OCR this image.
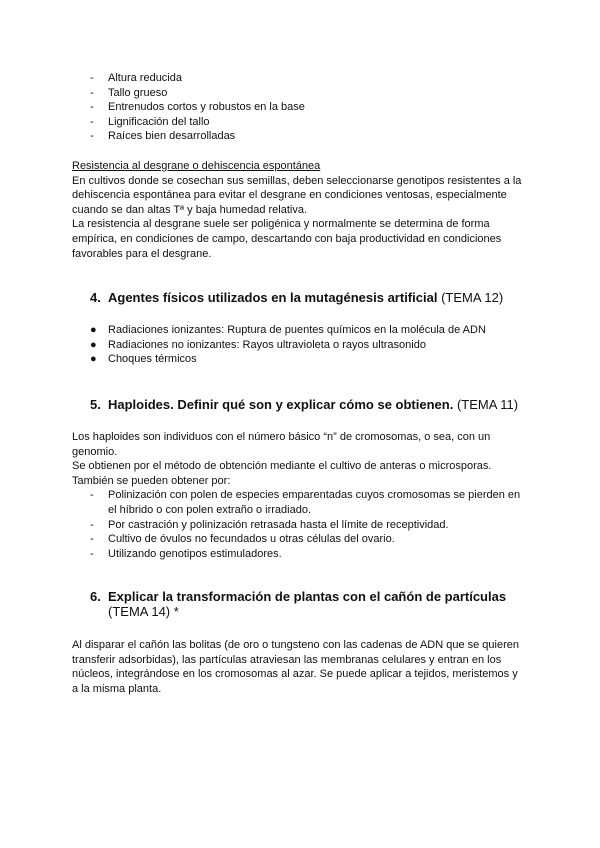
- Altura reducida
- Tallo grueso
- Entrenudos cortos y robustos en la base
- Lignificación del tallo
- Raíces bien desarrolladas
Resistencia al desgrane o dehiscencia espontánea
En cultivos donde se cosechan sus semillas, deben seleccionarse genotipos resistentes a la
dehiscencia espontánea para evitar el desgrane en condiciones ventosas, especialmente
cuando se dan altas Tª y baja humedad relativa.
La resistencia al desgrane suele ser poligénica y normalmente se determina de forma
empírica, en condiciones de campo, descartando con baja productividad en condiciones
favorables para el desgrane.
4. Agentes físicos utilizados en la mutagénesis artificial (TEMA 12)
● Radiaciones ionizantes: Ruptura de puentes químicos en la molécula de ADN
● Radiaciones no ionizantes: Rayos ultravioleta o rayos ultrasonido
● Choques térmicos
5. Haploides. Definir qué son y explicar cómo se obtienen. (TEMA 11)
Los haploides son individuos con el número básico “n” de cromosomas, o sea, con un
genomio.
Se obtienen por el método de obtención mediante el cultivo de anteras o microsporas.
También se pueden obtener por:
- Polinización con polen de especies emparentadas cuyos cromosomas se pierden en
el híbrido o con polen extraño o irradiado.
- Por castración y polinización retrasada hasta el límite de receptividad.
- Cultivo de óvulos no fecundados u otras células del ovario.
- Utilizando genotipos estimuladores.
6. Explicar la transformación de plantas con el cañón de partículas
(TEMA 14) *
Al disparar el cañón las bolitas (de oro o tungsteno con las cadenas de ADN que se quieren
transferir adsorbidas), las partículas atraviesan las membranas celulares y entran en los
núcleos, integrándose en los cromosomas al azar. Se puede aplicar a tejidos, meristemos y
a la misma planta.
